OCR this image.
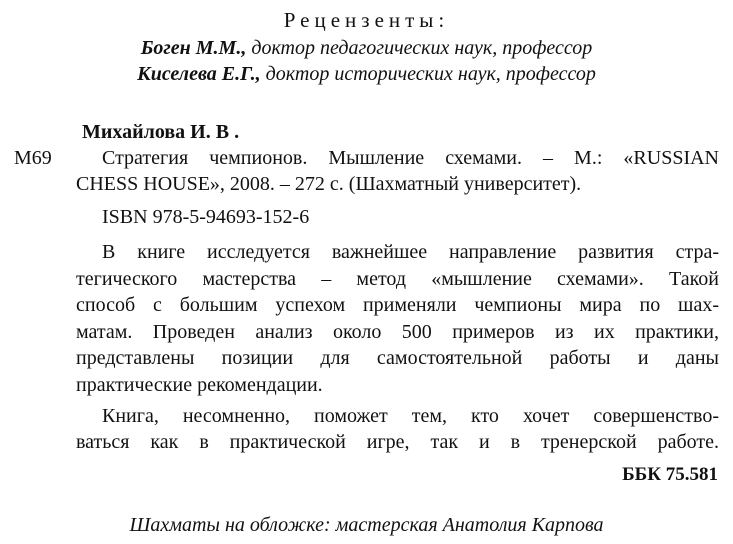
Рецензенты:
Боген М.М., доктор педагогических наук, профессор
Киселева Е.Г., доктор исторических наук, профессор
Михайлова И. В .
М69	Стратегия чемпионов. Мышление схемами. – М.: «RUSSIAN
CHESS HOUSE», 2008. – 272 с. (Шахматный университет).
ISBN 978-5-94693-152-6
В книге исследуется важнейшее направление развития стра-
тегического мастерства – метод «мышление схемами». Такой
способ с большим успехом применяли чемпионы мира по шах-
матам. Проведен анализ около 500 примеров из их практики,
представлены позиции для самостоятельной работы и даны
практические рекомендации.
Книга, несомненно, поможет тем, кто хочет совершенство-
ваться как в практической игре, так и в тренерской работе.
ББК 75.581
Шахматы на обложке: мастерская Анатолия Карпова
